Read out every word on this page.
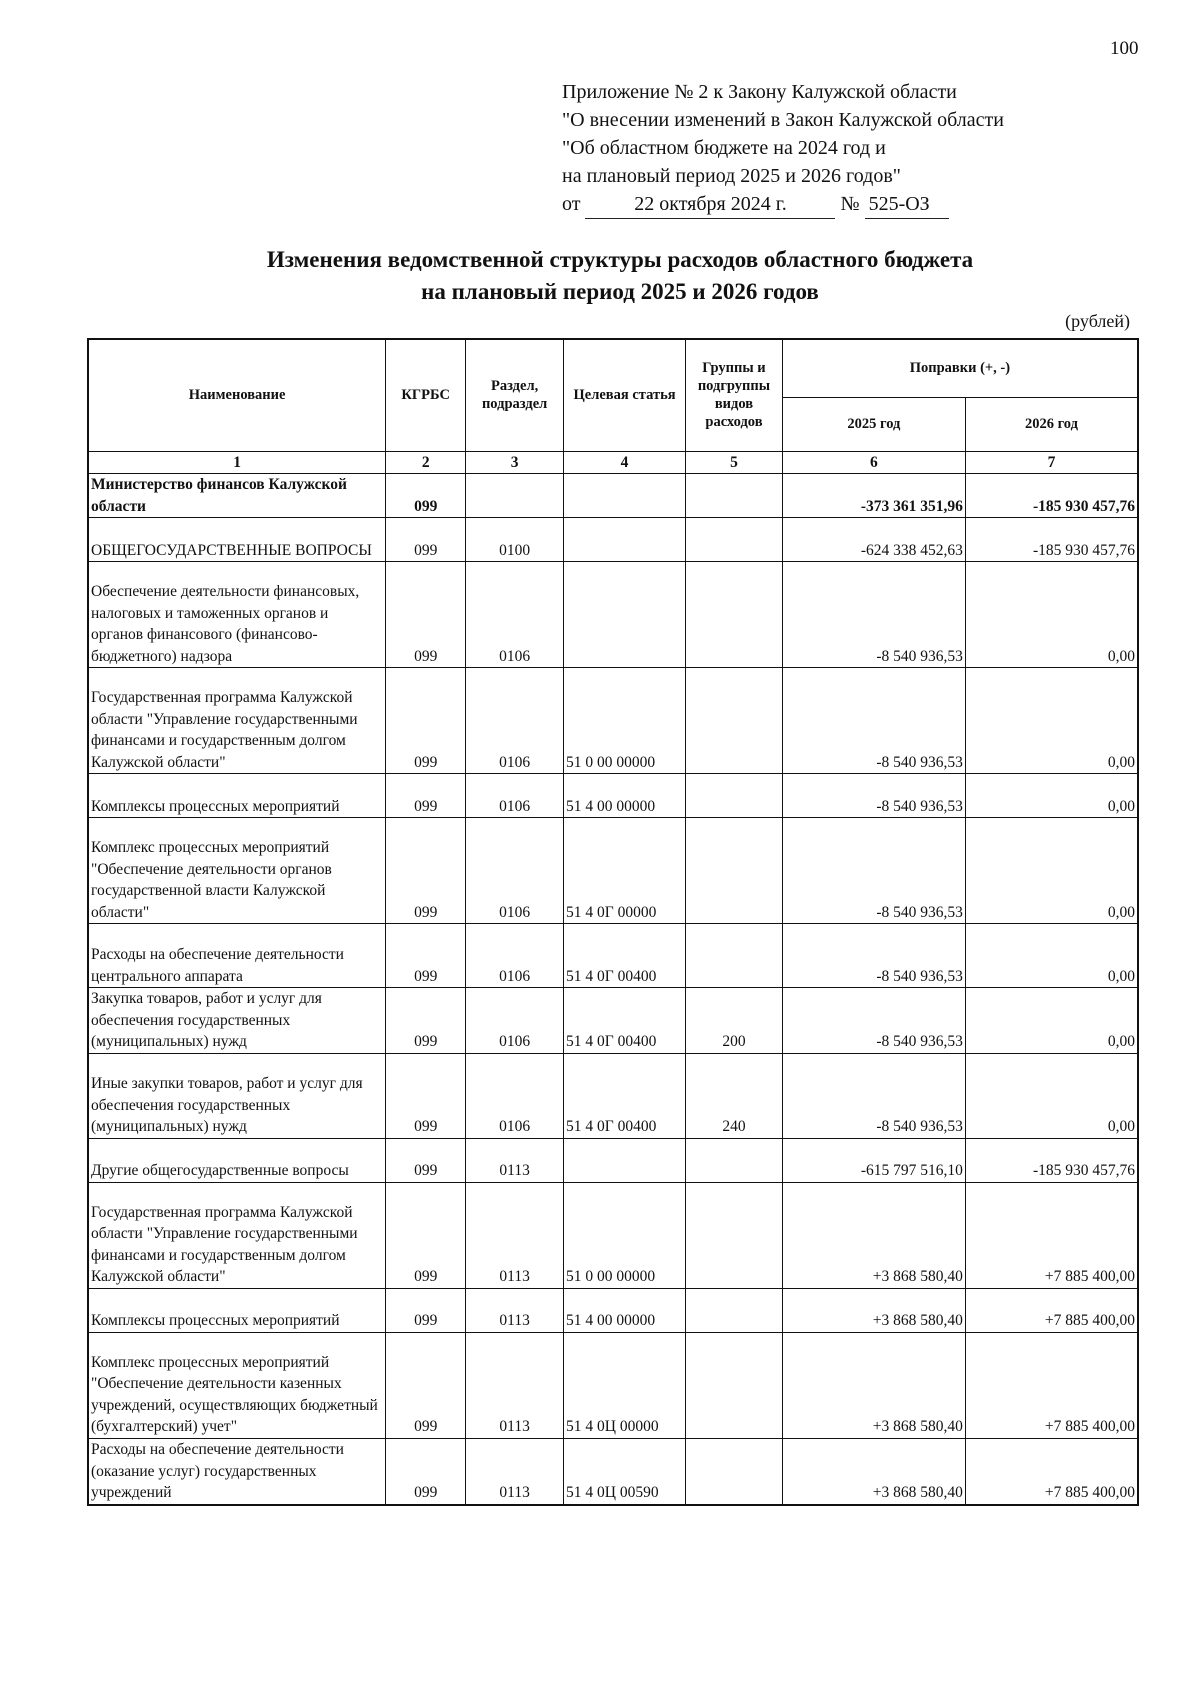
100
Приложение № 2 к Закону Калужской области
"О внесении изменений в Закон Калужской области
"Об областном бюджете на 2024 год и
на плановый период 2025 и 2026 годов"
от	22 октября 2024 г.	№ 525-ОЗ
Изменения ведомственной структуры расходов областного бюджета
на плановый период 2025 и 2026 годов
(рублей)
Наименование	КГРБС	Раздел, подраздел	Целевая статья	Группы и подгруппы видов расходов	Поправки (+, -)	
					2025 год	2026 год
1	2	3	4	5	6	7
Министерство финансов Калужской области	099				-373 361 351,96	-185 930 457,76
ОБЩЕГОСУДАРСТВЕННЫЕ ВОПРОСЫ	099	0100			-624 338 452,63	-185 930 457,76
Обеспечение деятельности финансовых, налоговых и таможенных органов и органов финансового (финансово-бюджетного) надзора	099	0106			-8 540 936,53	0,00
Государственная программа Калужской области "Управление государственными финансами и государственным долгом Калужской области"	099	0106	51 0 00 00000		-8 540 936,53	0,00
Комплексы процессных мероприятий	099	0106	51 4 00 00000		-8 540 936,53	0,00
Комплекс процессных мероприятий "Обеспечение деятельности органов государственной власти Калужской области"	099	0106	51 4 0Г 00000		-8 540 936,53	0,00
Расходы на обеспечение деятельности центрального аппарата	099	0106	51 4 0Г 00400		-8 540 936,53	0,00
Закупка товаров, работ и услуг для обеспечения государственных (муниципальных) нужд	099	0106	51 4 0Г 00400	200	-8 540 936,53	0,00
Иные закупки товаров, работ и услуг для обеспечения государственных (муниципальных) нужд	099	0106	51 4 0Г 00400	240	-8 540 936,53	0,00
Другие общегосударственные вопросы	099	0113			-615 797 516,10	-185 930 457,76
Государственная программа Калужской области "Управление государственными финансами и государственным долгом Калужской области"	099	0113	51 0 00 00000		+3 868 580,40	+7 885 400,00
Комплексы процессных мероприятий	099	0113	51 4 00 00000		+3 868 580,40	+7 885 400,00
Комплекс процессных мероприятий "Обеспечение деятельности казенных учреждений, осуществляющих бюджетный (бухгалтерский) учет"	099	0113	51 4 0Ц 00000		+3 868 580,40	+7 885 400,00
Расходы на обеспечение деятельности (оказание услуг) государственных учреждений	099	0113	51 4 0Ц 00590		+3 868 580,40	+7 885 400,00
